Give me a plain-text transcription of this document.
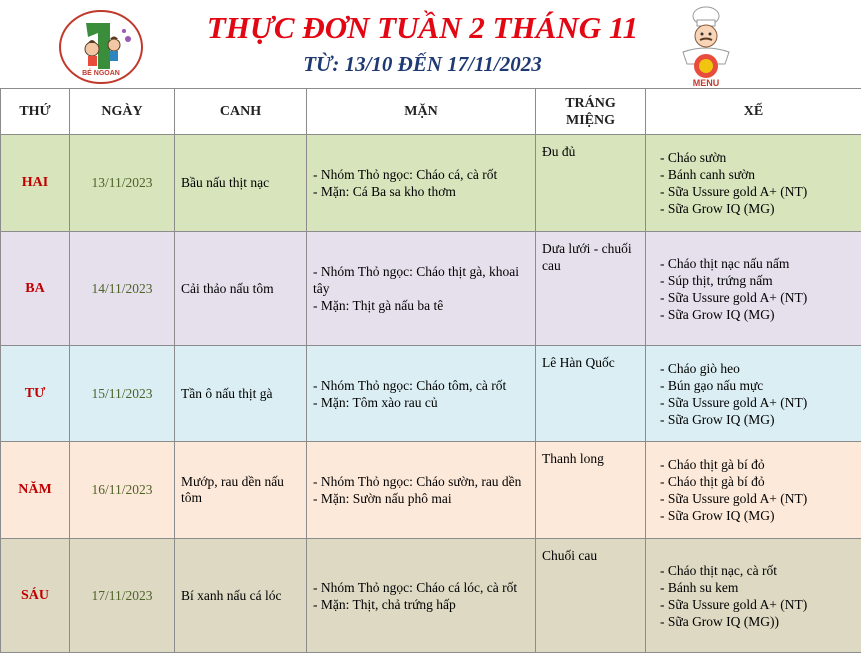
BÉ NGOAN
THỰC ĐƠN TUẦN 2 THÁNG 11
TỪ: 13/10 ĐẾN 17/11/2023
MENU
THỨ	NGÀY	CANH	MẶN	TRÁNG MIỆNG	XẾ
HAI	13/11/2023	Bầu nấu thịt nạc	- Nhóm Thỏ ngọc: Cháo cá, cà rốt
- Mặn: Cá Ba sa kho thơm	Đu đủ	- Cháo sườn
- Bánh canh sườn
- Sữa Ussure gold A+ (NT)
- Sữa Grow IQ (MG)

BA	14/11/2023	Cải thảo nấu tôm	- Nhóm Thỏ ngọc: Cháo thịt gà, khoai tây
- Mặn: Thịt gà nấu ba tê	Dưa lưới - chuối cau	- Cháo thịt nạc nấu nấm
- Súp thịt, trứng nấm
- Sữa Ussure gold A+ (NT)
- Sữa Grow IQ (MG)

TƯ	15/11/2023	Tần ô nấu thịt gà	- Nhóm Thỏ ngọc: Cháo tôm, cà rốt
- Mặn: Tôm xào rau củ	Lê Hàn Quốc	- Cháo giò heo
- Bún gạo nấu mực
- Sữa Ussure gold A+ (NT)
- Sữa Grow IQ (MG)

NĂM	16/11/2023	Mướp, rau dền nấu tôm	- Nhóm Thỏ ngọc: Cháo sườn, rau dền
- Mặn: Sườn nấu phô mai	Thanh long	- Cháo thịt gà bí đỏ
- Cháo thịt gà bí đỏ
- Sữa Ussure gold A+ (NT)
- Sữa Grow IQ (MG)

SÁU	17/11/2023	Bí xanh nấu cá lóc	- Nhóm Thỏ ngọc: Cháo cá lóc, cà rốt
- Mặn: Thịt, chả trứng hấp	Chuối cau	- Cháo thịt nạc, cà rốt
- Bánh su kem
- Sữa Ussure gold A+ (NT)
- Sữa Grow IQ (MG))
